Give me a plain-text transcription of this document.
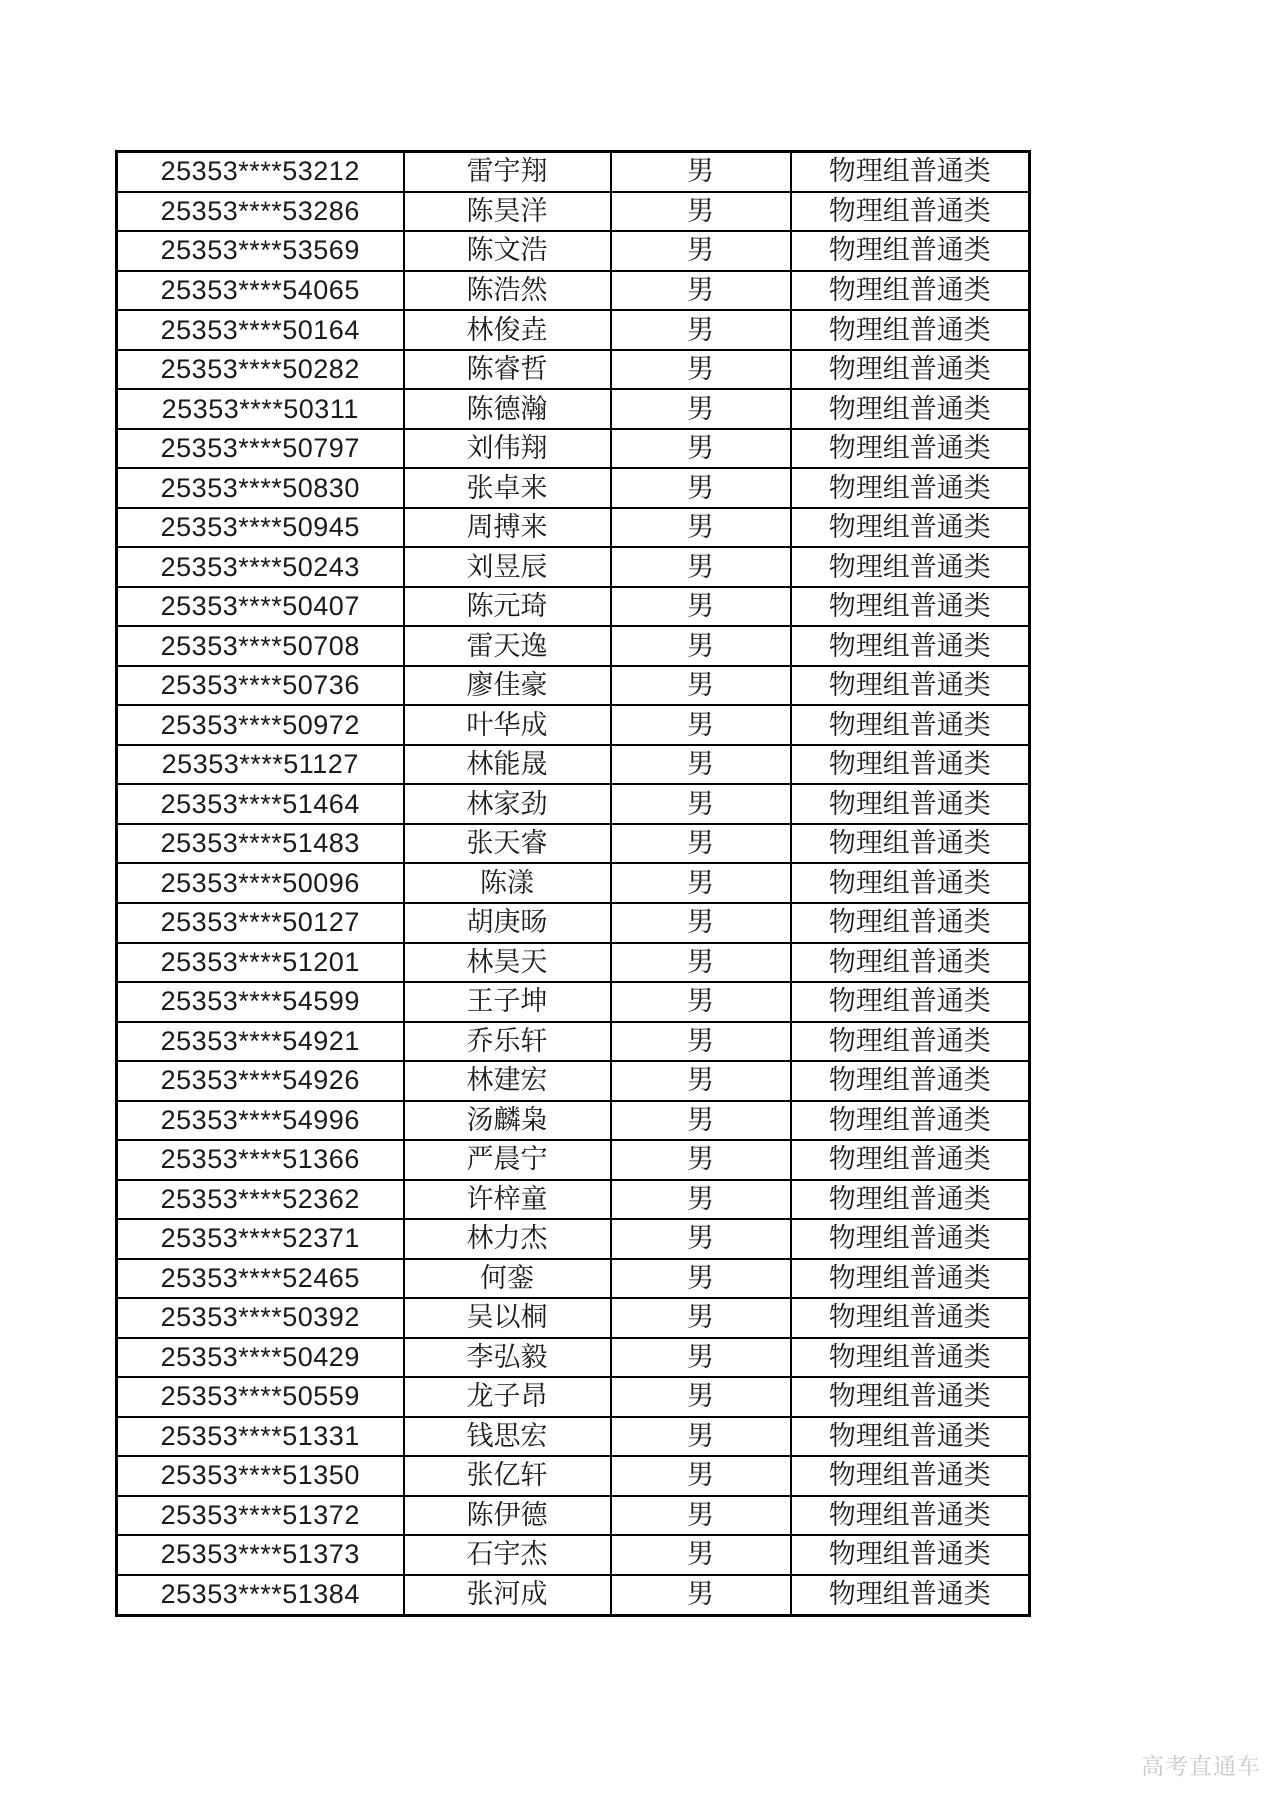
25353****53212	雷宇翔	男	物理组普通类
25353****53286	陈昊洋	男	物理组普通类
25353****53569	陈文浩	男	物理组普通类
25353****54065	陈浩然	男	物理组普通类
25353****50164	林俊垚	男	物理组普通类
25353****50282	陈睿哲	男	物理组普通类
25353****50311	陈德瀚	男	物理组普通类
25353****50797	刘伟翔	男	物理组普通类
25353****50830	张卓来	男	物理组普通类
25353****50945	周搏来	男	物理组普通类
25353****50243	刘昱辰	男	物理组普通类
25353****50407	陈元琦	男	物理组普通类
25353****50708	雷天逸	男	物理组普通类
25353****50736	廖佳豪	男	物理组普通类
25353****50972	叶华成	男	物理组普通类
25353****51127	林能晟	男	物理组普通类
25353****51464	林家劲	男	物理组普通类
25353****51483	张天睿	男	物理组普通类
25353****50096	陈漾	男	物理组普通类
25353****50127	胡庚旸	男	物理组普通类
25353****51201	林昊天	男	物理组普通类
25353****54599	王子坤	男	物理组普通类
25353****54921	乔乐轩	男	物理组普通类
25353****54926	林建宏	男	物理组普通类
25353****54996	汤麟枭	男	物理组普通类
25353****51366	严晨宁	男	物理组普通类
25353****52362	许梓童	男	物理组普通类
25353****52371	林力杰	男	物理组普通类
25353****52465	何銮	男	物理组普通类
25353****50392	吴以桐	男	物理组普通类
25353****50429	李弘毅	男	物理组普通类
25353****50559	龙子昂	男	物理组普通类
25353****51331	钱思宏	男	物理组普通类
25353****51350	张亿轩	男	物理组普通类
25353****51372	陈伊德	男	物理组普通类
25353****51373	石宇杰	男	物理组普通类
25353****51384	张河成	男	物理组普通类
高考直通车
